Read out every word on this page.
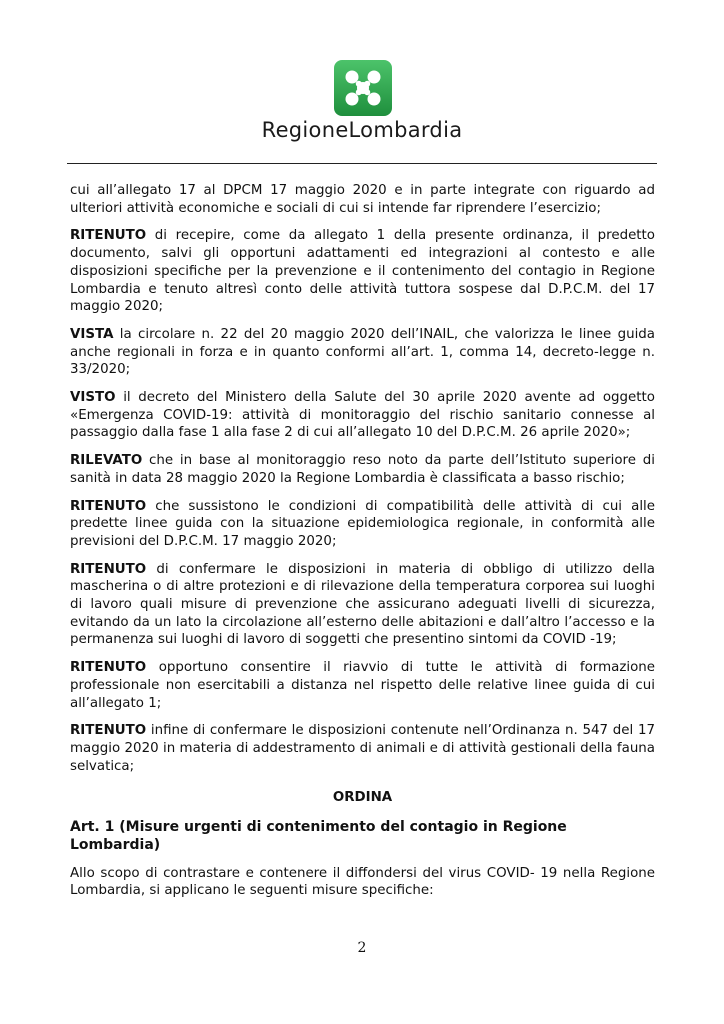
RegioneLombardia

cui all’allegato 17 al DPCM 17 maggio 2020 e in parte integrate con riguardo ad ulteriori attività economiche e sociali di cui si intende far riprendere l’esercizio;

RITENUTO di recepire, come da allegato 1 della presente ordinanza, il predetto documento, salvi gli opportuni adattamenti ed integrazioni al contesto e alle disposizioni specifiche per la prevenzione e il contenimento del contagio in Regione Lombardia e tenuto altresì conto delle attività tuttora sospese dal D.P.C.M. del 17 maggio 2020;

VISTA la circolare n. 22 del 20 maggio 2020 dell’INAIL, che valorizza le linee guida anche regionali in forza e in quanto conformi all’art. 1, comma 14, decreto-legge n. 33/2020;

VISTO il decreto del Ministero della Salute del 30 aprile 2020 avente ad oggetto «Emergenza COVID-19: attività di monitoraggio del rischio sanitario connesse al passaggio dalla fase 1 alla fase 2 di cui all’allegato 10 del D.P.C.M. 26 aprile 2020»;

RILEVATO che in base al monitoraggio reso noto da parte dell’Istituto superiore di sanità in data 28 maggio 2020 la Regione Lombardia è classificata a basso rischio;

RITENUTO che sussistono le condizioni di compatibilità delle attività di cui alle predette linee guida con la situazione epidemiologica regionale, in conformità alle previsioni del D.P.C.M. 17 maggio 2020;

RITENUTO di confermare le disposizioni in materia di obbligo di utilizzo della mascherina o di altre protezioni e di rilevazione della temperatura corporea sui luoghi di lavoro quali misure di prevenzione che assicurano adeguati livelli di sicurezza, evitando da un lato la circolazione all’esterno delle abitazioni e dall’altro l’accesso e la permanenza sui luoghi di lavoro di soggetti che presentino sintomi da COVID -19;

RITENUTO opportuno consentire il riavvio di tutte le attività di formazione professionale non esercitabili a distanza nel rispetto delle relative linee guida di cui all’allegato 1;

RITENUTO infine di confermare le disposizioni contenute nell’Ordinanza n. 547 del 17 maggio 2020 in materia di addestramento di animali e di attività gestionali della fauna selvatica;

ORDINA

Art. 1 (Misure urgenti di contenimento del contagio in Regione Lombardia)

Allo scopo di contrastare e contenere il diffondersi del virus COVID- 19 nella Regione Lombardia, si applicano le seguenti misure specifiche:

2
